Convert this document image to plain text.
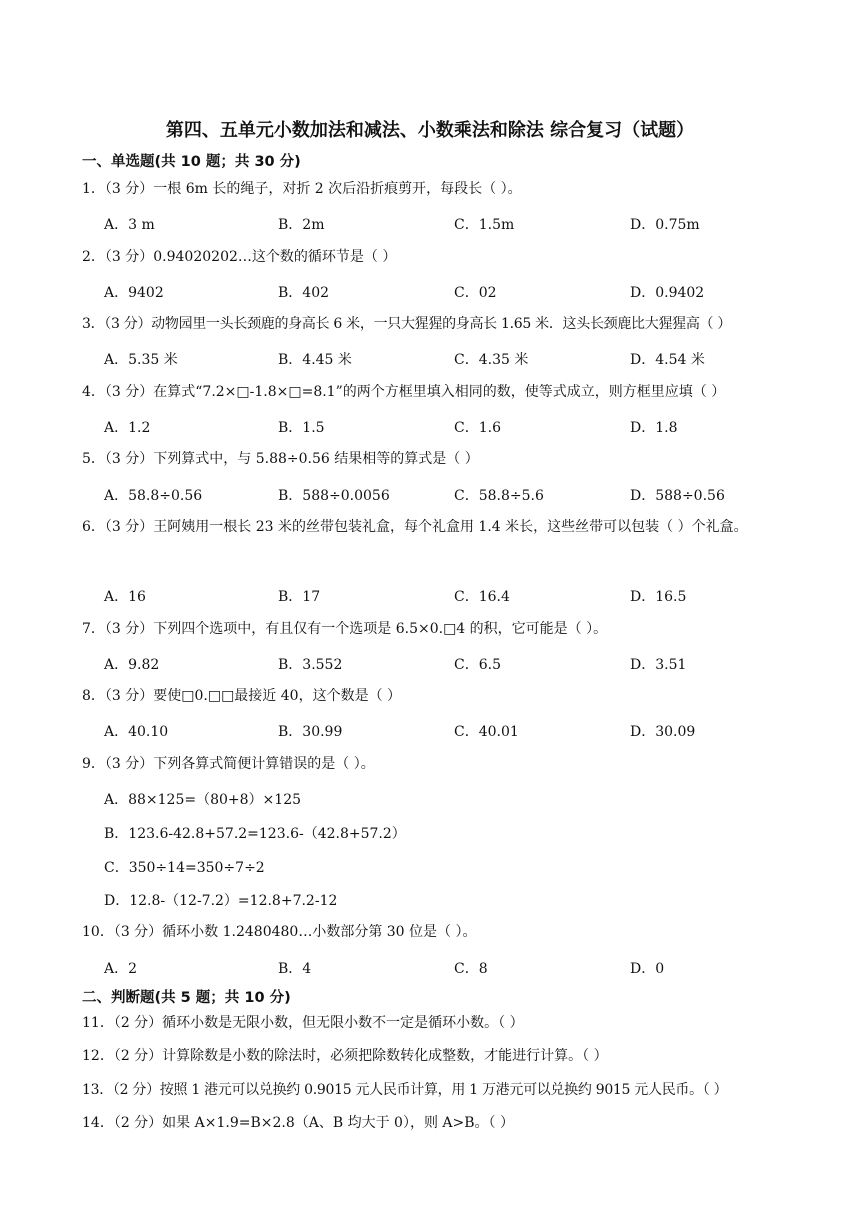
第四、五单元小数加法和减法、小数乘法和除法 综合复习（试题）
一、单选题(共 10 题；共 30 分)
1．（3 分）一根 6m 长的绳子，对折 2 次后沿折痕剪开，每段长（ ）。
A．3 m	B．2m	C．1.5m	D．0.75m
2．（3 分）0.94020202…这个数的循环节是（ ）
A．9402	B．402	C．02	D．0.9402
3．（3 分）动物园里一头长颈鹿的身高长 6 米，一只大猩猩的身高长 1.65 米．这头长颈鹿比大猩猩高（ ）
A．5.35 米	B．4.45 米	C．4.35 米	D．4.54 米
4．（3 分）在算式“7.2×□-1.8×□=8.1”的两个方框里填入相同的数，使等式成立，则方框里应填（ ）
A．1.2	B．1.5	C．1.6	D．1.8
5．（3 分）下列算式中，与 5.88÷0.56 结果相等的算式是（ ）
A．58.8÷0.56	B．588÷0.0056	C．58.8÷5.6	D．588÷0.56
6．（3 分）王阿姨用一根长 23 米的丝带包装礼盒，每个礼盒用 1.4 米长，这些丝带可以包装（ ）个礼盒。
A．16	B．17	C．16.4	D．16.5
7．（3 分）下列四个选项中，有且仅有一个选项是 6.5×0.□4 的积，它可能是（ ）。
A．9.82	B．3.552	C．6.5	D．3.51
8．（3 分）要使□0.□□最接近 40，这个数是（ ）
A．40.10	B．30.99	C．40.01	D．30.09
9．（3 分）下列各算式简便计算错误的是（ ）。
A．88×125=（80+8）×125
B．123.6-42.8+57.2=123.6-（42.8+57.2）
C．350÷14=350÷7÷2
D．12.8-（12-7.2）=12.8+7.2-12
10．（3 分）循环小数 1.2480480…小数部分第 30 位是（ ）。
A．2	B．4	C．8	D．0
二、判断题(共 5 题；共 10 分)
11．（2 分）循环小数是无限小数，但无限小数不一定是循环小数。（ ）
12．（2 分）计算除数是小数的除法时，必须把除数转化成整数，才能进行计算。（ ）
13．（2 分）按照 1 港元可以兑换约 0.9015 元人民币计算，用 1 万港元可以兑换约 9015 元人民币。（ ）
14．（2 分）如果 A×1.9=B×2.8（A、B 均大于 0），则 A>B。（ ）
